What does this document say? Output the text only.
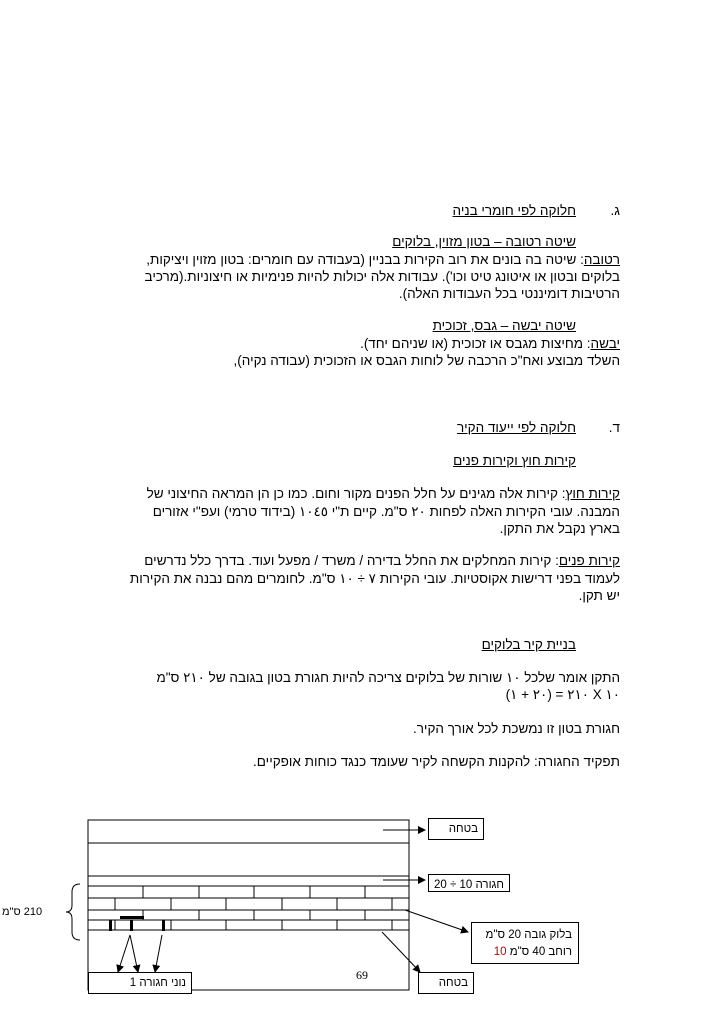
ג.
חלוקה לפי חומרי בניה
שיטה רטובה – בטון מזוין, בלוקים
רטובה: שיטה בה בונים את רוב הקירות בבניין (בעבודה עם חומרים: בטון מזוין ויציקות,
בלוקים ובטון או איטונג טיט וכו'). עבודות אלה יכולות להיות פנימיות או חיצוניות.(מרכיב
הרטיבות דומיננטי בכל העבודות האלה).
שיטה יבשה – גבס, זכוכית
יבשה: מחיצות מגבס או זכוכית (או שניהם יחד).
השלד מבוצע ואח"כ הרכבה של לוחות הגבס או הזכוכית (עבודה נקיה),
ד.
חלוקה לפי ייעוד הקיר
קירות חוץ וקירות פנים
קירות חוץ: קירות אלה מגינים על חלל הפנים מקור וחום. כמו כן הן המראה החיצוני של
המבנה. עובי הקירות האלה לפחות ٢٠ ס"מ. קיים ת"י ١٠٤٥ (בידוד טרמי) ועפ"י אזורים
בארץ נקבל את התקן.
קירות פנים: קירות המחלקים את החלל בדירה / משרד / מפעל ועוד. בדרך כלל נדרשים
לעמוד בפני דרישות אקוסטיות. עובי הקירות ٧ ÷ ١٠ ס"מ. לחומרים מהם נבנה את הקירות
יש תקן.
בניית קיר בלוקים
התקן אומר שלכל ١٠ שורות של בלוקים צריכה להיות חגורת בטון בגובה של ٢١٠ ס"מ
٢١٠ = (٢٠ + ١) X ١٠
חגורת בטון זו נמשכת לכל אורך הקיר.
תפקיד החגורה: להקנות הקשחה לקיר שעומד כנגד כוחות אופקיים.
בטחה
חגורה 10 ÷ 20
בלוק גובה 20 ס"מ
רוחב 40 ס"מ 10
בטחה
נוני חגורה 1
210 ס"מ
69
